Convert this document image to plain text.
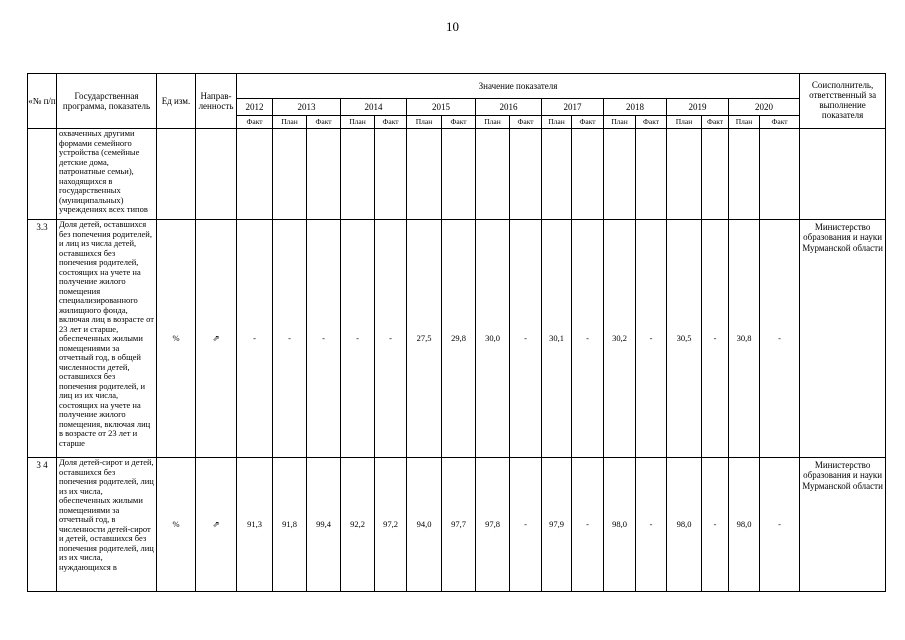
10
«№ п/п	Государственная программа, показатель	Ед изм.	Направ-ленность	Значение показателя																	Соисполнитель, ответственный за выполнение показателя
				2012	2013		2014		2015		2016		2017		2018		2019		2020		
				Факт	План	Факт	План	Факт	План	Факт	План	Факт	План	Факт	План	Факт	План	Факт	План	Факт	
	охваченных другими формами семейного устройства (семейные детские дома, патронатные семьи), находящихся в государственных (муниципальных) учреждениях всех типов																				
3.3	Доля детей, оставшихся без попечения родителей, и лиц из числа детей, оставшихся без попечения родителей, состоящих на учете на получение жилого помещения специализированного жилищного фонда, включая лиц в возрасте от 23 лет и старше, обеспеченных жилыми помещениями за отчетный год, в общей численности детей, оставшихся без попечения родителей, и лиц из их числа, состоящих на учете на получение жилого помещения, включая лиц в возрасте от 23 лет и старше	%	⇗	-	-	-	-	-	27,5	29,8	30,0	-	30,1	-	30,2	-	30,5	-	30,8	-	Министерство образования и науки Мурманской области
3 4	Доля детей-сирот и детей, оставшихся без попечения родителей, лиц из их числа, обеспеченных жилыми помещениями за отчетный год, в численности детей-сирот и детей, оставшихся без попечения родителей, лиц из их числа, нуждающихся в	%	⇗	91,3	91,8	99,4	92,2	97,2	94,0	97,7	97,8	-	97,9	-	98,0	-	98,0	-	98,0	-	Министерство образования и науки Мурманской области
